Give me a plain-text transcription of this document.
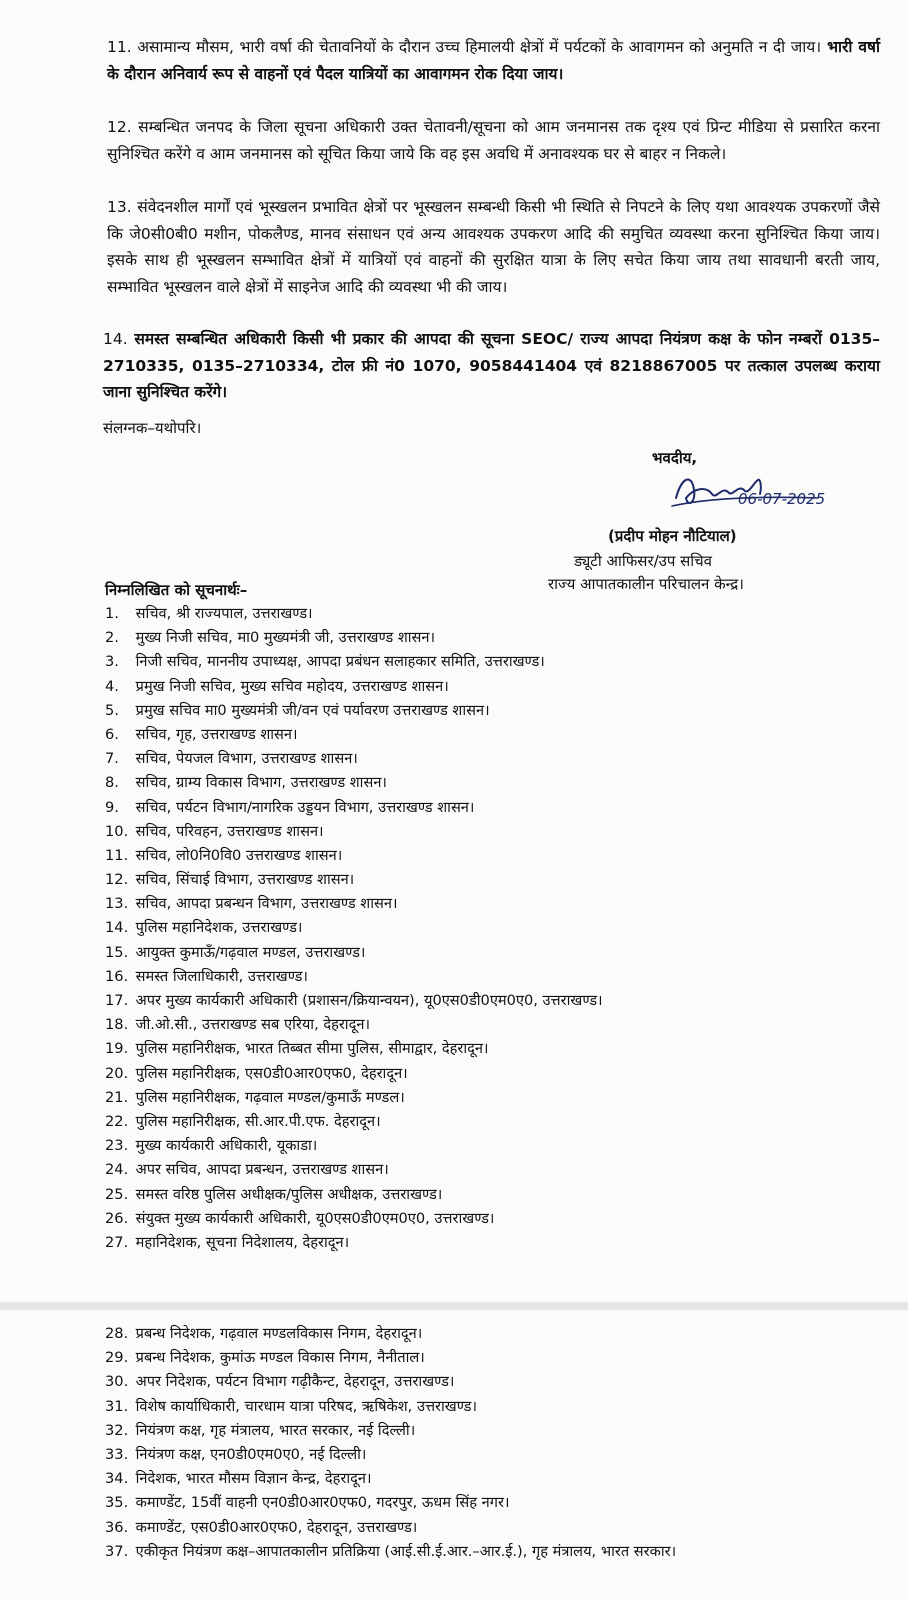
11. असामान्य मौसम, भारी वर्षा की चेतावनियों के दौरान उच्च हिमालयी क्षेत्रों में पर्यटकों के आवागमन को अनुमति न दी जाय। भारी वर्षा के दौरान अनिवार्य रूप से वाहनों एवं पैदल यात्रियों का आवागमन रोक दिया जाय।
12. सम्बन्धित जनपद के जिला सूचना अधिकारी उक्त चेतावनी/सूचना को आम जनमानस तक दृश्य एवं प्रिन्ट मीडिया से प्रसारित करना सुनिश्चित करेंगे व आम जनमानस को सूचित किया जाये कि वह इस अवधि में अनावश्यक घर से बाहर न निकले।
13. संवेदनशील मार्गों एवं भूस्खलन प्रभावित क्षेत्रों पर भूस्खलन सम्बन्धी किसी भी स्थिति से निपटने के लिए यथा आवश्यक उपकरणों जैसे कि जे0सी0बी0 मशीन, पोकलैण्ड, मानव संसाधन एवं अन्य आवश्यक उपकरण आदि की समुचित व्यवस्था करना सुनिश्चित किया जाय। इसके साथ ही भूस्खलन सम्भावित क्षेत्रों में यात्रियों एवं वाहनों की सुरक्षित यात्रा के लिए सचेत किया जाय तथा सावधानी बरती जाय, सम्भावित भूस्खलन वाले क्षेत्रों में साइनेज आदि की व्यवस्था भी की जाय।
14. समस्त सम्बन्धित अधिकारी किसी भी प्रकार की आपदा की सूचना SEOC/ राज्य आपदा नियंत्रण कक्ष के फोन नम्बरों 0135–2710335, 0135–2710334, टोल फ्री नं0 1070, 9058441404 एवं 8218867005 पर तत्काल उपलब्ध कराया जाना सुनिश्चित करेंगे।
संलग्नक–यथोपरि।
भवदीय,
06-07-2025
(प्रदीप मोहन नौटियाल)
ड्यूटी आफिसर/उप सचिव
राज्य आपातकालीन परिचालन केन्द्र।
निम्नलिखित को सूचनार्थः–
1. सचिव, श्री राज्यपाल, उत्तराखण्ड।
2. मुख्य निजी सचिव, मा0 मुख्यमंत्री जी, उत्तराखण्ड शासन।
3. निजी सचिव, माननीय उपाध्यक्ष, आपदा प्रबंधन सलाहकार समिति, उत्तराखण्ड।
4. प्रमुख निजी सचिव, मुख्य सचिव महोदय, उत्तराखण्ड शासन।
5. प्रमुख सचिव मा0 मुख्यमंत्री जी/वन एवं पर्यावरण उत्तराखण्ड शासन।
6. सचिव, गृह, उत्तराखण्ड शासन।
7. सचिव, पेयजल विभाग, उत्तराखण्ड शासन।
8. सचिव, ग्राम्य विकास विभाग, उत्तराखण्ड शासन।
9. सचिव, पर्यटन विभाग/नागरिक उड्डयन विभाग, उत्तराखण्ड शासन।
10. सचिव, परिवहन, उत्तराखण्ड शासन।
11. सचिव, लो0नि0वि0 उत्तराखण्ड शासन।
12. सचिव, सिंचाई विभाग, उत्तराखण्ड शासन।
13. सचिव, आपदा प्रबन्धन विभाग, उत्तराखण्ड शासन।
14. पुलिस महानिदेशक, उत्तराखण्ड।
15. आयुक्त कुमाऊँ/गढ़वाल मण्डल, उत्तराखण्ड।
16. समस्त जिलाधिकारी, उत्तराखण्ड।
17. अपर मुख्य कार्यकारी अधिकारी (प्रशासन/क्रियान्वयन), यू0एस0डी0एम0ए0, उत्तराखण्ड।
18. जी.ओ.सी., उत्तराखण्ड सब एरिया, देहरादून।
19. पुलिस महानिरीक्षक, भारत तिब्बत सीमा पुलिस, सीमाद्वार, देहरादून।
20. पुलिस महानिरीक्षक, एस0डी0आर0एफ0, देहरादून।
21. पुलिस महानिरीक्षक, गढ़वाल मण्डल/कुमाऊँ मण्डल।
22. पुलिस महानिरीक्षक, सी.आर.पी.एफ. देहरादून।
23. मुख्य कार्यकारी अधिकारी, यूकाडा।
24. अपर सचिव, आपदा प्रबन्धन, उत्तराखण्ड शासन।
25. समस्त वरिष्ठ पुलिस अधीक्षक/पुलिस अधीक्षक, उत्तराखण्ड।
26. संयुक्त मुख्य कार्यकारी अधिकारी, यू0एस0डी0एम0ए0, उत्तराखण्ड।
27. महानिदेशक, सूचना निदेशालय, देहरादून।
28. प्रबन्ध निदेशक, गढ़वाल मण्डलविकास निगम, देहरादून।
29. प्रबन्ध निदेशक, कुमांऊ मण्डल विकास निगम, नैनीताल।
30. अपर निदेशक, पर्यटन विभाग गढ़ीकैन्ट, देहरादून, उत्तराखण्ड।
31. विशेष कार्याधिकारी, चारधाम यात्रा परिषद, ऋषिकेश, उत्तराखण्ड।
32. नियंत्रण कक्ष, गृह मंत्रालय, भारत सरकार, नई दिल्ली।
33. नियंत्रण कक्ष, एन0डी0एम0ए0, नई दिल्ली।
34. निदेशक, भारत मौसम विज्ञान केन्द्र, देहरादून।
35. कमाण्डेंट, 15वीं वाहनी एन0डी0आर0एफ0, गदरपुर, ऊधम सिंह नगर।
36. कमाण्डेंट, एस0डी0आर0एफ0, देहरादून, उत्तराखण्ड।
37. एकीकृत नियंत्रण कक्ष–आपातकालीन प्रतिक्रिया (आई.सी.ई.आर.–आर.ई.), गृह मंत्रालय, भारत सरकार।
